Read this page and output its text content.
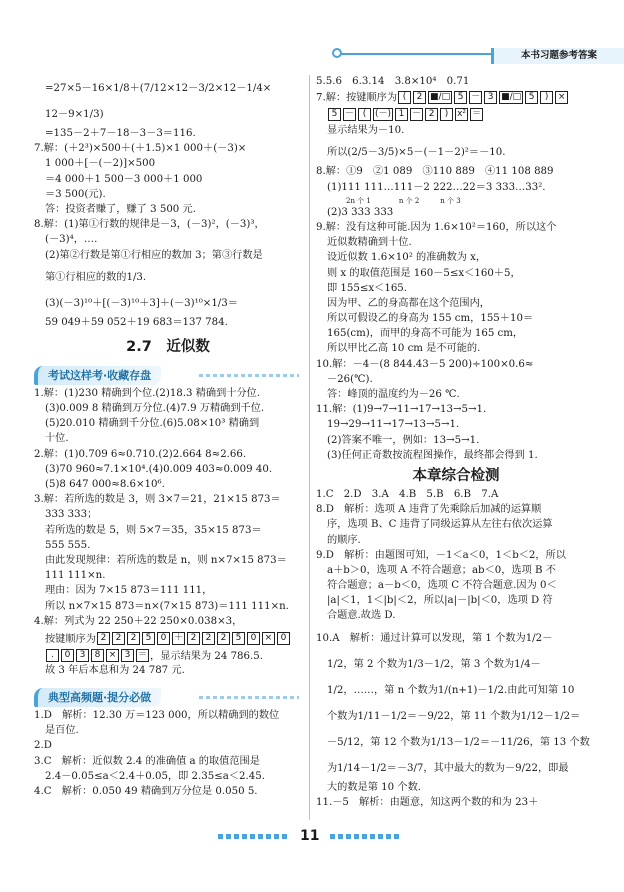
本书习题参考答案
=27×5－16×1/8＋(7/12×12－3/2×12－1/4×
12－9×1/3)
=135－2＋7－18－3－3＝116.
7.解：(＋2³)×500＋(＋1.5)×1 000＋(－3)×
1 000＋[－(－2)]×500
＝4 000＋1 500－3 000＋1 000
＝3 500(元).
答：投资者赚了，赚了 3 500 元.
8.解：(1)第①行数的规律是－3，(－3)²，(－3)³，
(－3)⁴，….
(2)第②行数是第①行相应的数加 3；第③行数是
第①行相应的数的1/3.
(3)(－3)¹⁰＋[(－3)¹⁰＋3]＋(－3)¹⁰×1/3＝
59 049＋59 052＋19 683＝137 784.
2.7　近似数
考试这样考·收藏存盘
1.解：(1)230 精确到个位.(2)18.3 精确到十分位.
(3)0.009 8 精确到万分位.(4)7.9 万精确到千位.
(5)20.010 精确到千分位.(6)5.08×10³ 精确到
十位.
2.解：(1)0.709 6≈0.710.(2)2.664 8≈2.66.
(3)70 960≈7.1×10⁴.(4)0.009 403≈0.009 40.
(5)8 647 000≈8.6×10⁶.
3.解：若所选的数是 3，则 3×7＝21，21×15 873＝
333 333；
若所选的数是 5，则 5×7＝35，35×15 873＝
555 555.
由此发现规律：若所选的数是 n，则 n×7×15 873＝
111 111×n.
理由：因为 7×15 873＝111 111，
所以 n×7×15 873＝n×(7×15 873)＝111 111×n.
4.解：列式为 22 250＋22 250×0.038×3，
按键顺序为 2 2 2 5 0 ＋ 2 2 2 5 0 × 0. 0 3 8 × 3 ＝ ，显示结果为 24 786.5.
故 3 年后本息和为 24 787 元.
典型高频题·提分必做
1.D　解析：12.30 万＝123 000，所以精确到的数位
是百位.
2.D
3.C　解析：近似数 2.4 的准确值 a 的取值范围是
2.4－0.05≤a＜2.4＋0.05，即 2.35≤a＜2.45.
4.C　解析：0.050 49 精确到万分位是 0.050 5.
5.5.6　6.3.14　3.8×10⁴　0.71
7.解：按键顺序为 ( 2 ■/□ 5 － 3 ■/□ 5 ) ×
5 － ( (－) 1 － 2 ) x² ＝
显示结果为－10.
所以(2/5－3/5)×5－(－1－2)²＝－10.
8.解：①9　②1 089　③110 889　④11 108 889
(1)111 111…111－2 222…22＝3 333…33².
2n 个 1　　　　n 个 2　　　n 个 3
(2)3 333 333
9.解：没有这种可能.因为 1.6×10²＝160，所以这个
近似数精确到十位.
设近似数 1.6×10² 的准确数为 x，
则 x 的取值范围是 160－5≤x＜160＋5，
即 155≤x＜165.
因为甲、乙的身高都在这个范围内，
所以可假设乙的身高为 155 cm，155＋10＝
165(cm)，而甲的身高不可能为 165 cm，
所以甲比乙高 10 cm 是不可能的.
10.解：－4－(8 844.43－5 200)÷100×0.6≈
－26(℃).
答：峰顶的温度约为－26 ℃.
11.解：(1)9→7→11→17→13→5→1.
19→29→11→17→13→5→1.
(2)答案不唯一，例如：13→5→1.
(3)任何正奇数按流程图操作，最终都会得到 1.
本章综合检测
1.C　2.D　3.A　4.B　5.B　6.B　7.A
8.D　解析：选项 A 违背了先乘除后加减的运算顺
序，选项 B、C 违背了同级运算从左往右依次运算
的顺序.
9.D　解析：由题图可知，－1＜a＜0，1＜b＜2，所以
a＋b＞0，选项 A 不符合题意；ab＜0，选项 B 不
符合题意；a－b＜0，选项 C 不符合题意.因为 0＜
|a|＜1，1＜|b|＜2，所以|a|－|b|＜0，选项 D 符
合题意.故选 D.
10.A　解析：通过计算可以发现，第 1 个数为1/2－
1/2，第 2 个数为1/3－1/2，第 3 个数为1/4－
1/2，……，第 n 个数为1/(n+1)－1/2.由此可知第 10
个数为1/11－1/2＝－9/22，第 11 个数为1/12－1/2＝
－5/12，第 12 个数为1/13－1/2＝－11/26，第 13 个数
为1/14－1/2＝－3/7，其中最大的数为－9/22，即最
大的数是第 10 个数.
11.－5　解析：由题意，知这两个数的和为 23＋
11
